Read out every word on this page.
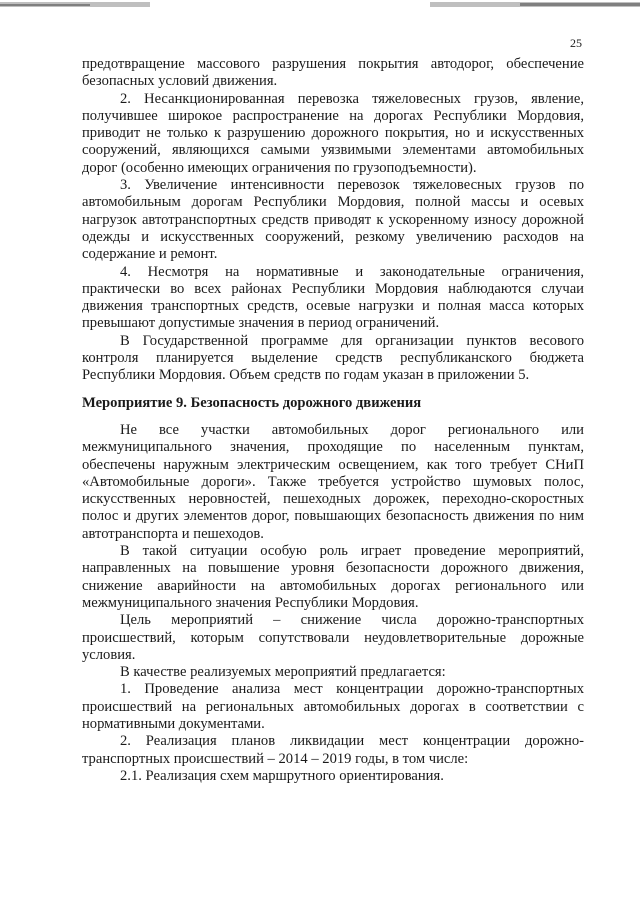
25

предотвращение массового разрушения покрытия автодорог, обеспечение безопасных условий движения.

2. Несанкционированная перевозка тяжеловесных грузов, явление, получившее широкое распространение на дорогах Республики Мордовия, приводит не только к разрушению дорожного покрытия, но и искусственных сооружений, являющихся самыми уязвимыми элементами автомобильных дорог (особенно имеющих ограничения по грузоподъемности).

3. Увеличение интенсивности перевозок тяжеловесных грузов по автомобильным дорогам Республики Мордовия, полной массы и осевых нагрузок автотранспортных средств приводят к ускоренному износу дорожной одежды и искусственных сооружений, резкому увеличению расходов на содержание и ремонт.

4. Несмотря на нормативные и законодательные ограничения, практически во всех районах Республики Мордовия наблюдаются случаи движения транспортных средств, осевые нагрузки и полная масса которых превышают допустимые значения в период ограничений.

В Государственной программе для организации пунктов весового контроля планируется выделение средств республиканского бюджета Республики Мордовия. Объем средств по годам указан в приложении 5.

Мероприятие 9. Безопасность дорожного движения

Не все участки автомобильных дорог регионального или межмуниципального значения, проходящие по населенным пунктам, обеспечены наружным электрическим освещением, как того требует СНиП «Автомобильные дороги». Также требуется устройство шумовых полос, искусственных неровностей, пешеходных дорожек, переходно-скоростных полос и других элементов дорог, повышающих безопасность движения по ним автотранспорта и пешеходов.

В такой ситуации особую роль играет проведение мероприятий, направленных на повышение уровня безопасности дорожного движения, снижение аварийности на автомобильных дорогах регионального или межмуниципального значения Республики Мордовия.

Цель мероприятий – снижение числа дорожно-транспортных происшествий, которым сопутствовали неудовлетворительные дорожные условия.

В качестве реализуемых мероприятий предлагается:

1. Проведение анализа мест концентрации дорожно-транспортных происшествий на региональных автомобильных дорогах в соответствии с нормативными документами.

2. Реализация планов ликвидации мест концентрации дорожно-транспортных происшествий – 2014 – 2019 годы, в том числе:

2.1. Реализация схем маршрутного ориентирования.
